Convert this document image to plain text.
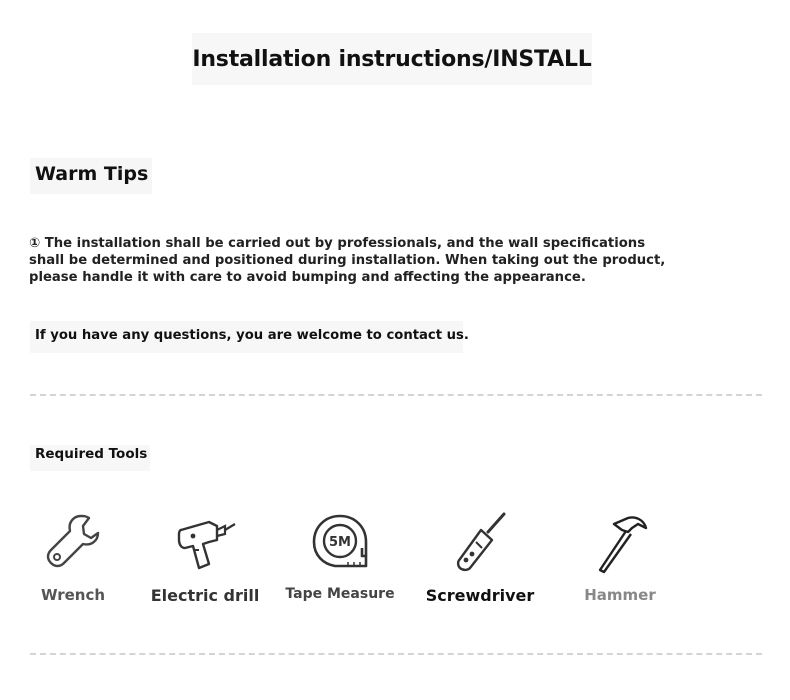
Installation instructions/INSTALL
Warm Tips
① The installation shall be carried out by professionals, and the wall specifications shall be determined and positioned during installation. When taking out the product, please handle it with care to avoid bumping and affecting the appearance.
If you have any questions, you are welcome to contact us.
Required Tools
Wrench	Electric drill
5M
Tape Measure	Screwdriver	Hammer
